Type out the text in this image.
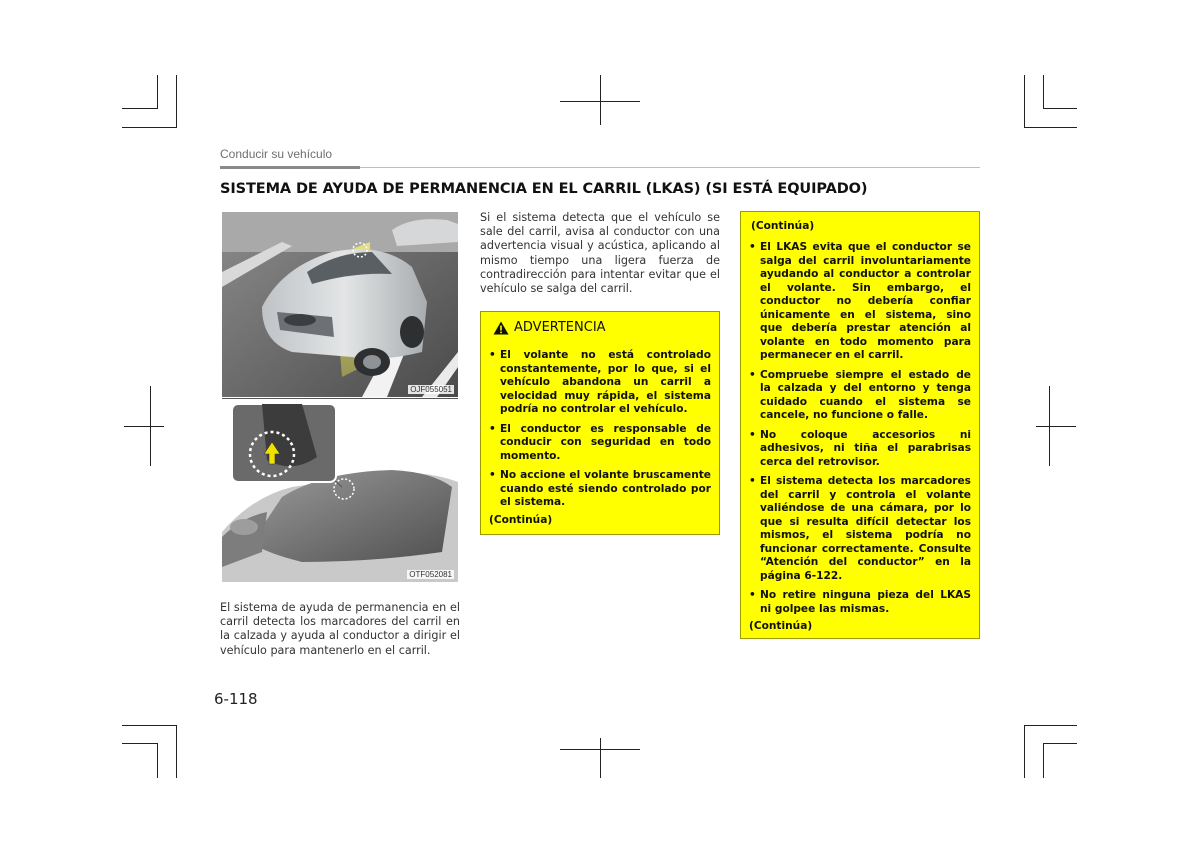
Conducir su vehículo
SISTEMA DE AYUDA DE PERMANENCIA EN EL CARRIL (LKAS) (SI ESTÁ EQUIPADO)
OJF055051
OTF052081

El sistema de ayuda de permanencia en el carril detecta los marcadores del carril en la calzada y ayuda al conductor a dirigir el vehículo para mantenerlo en el carril.

Si el sistema detecta que el vehículo se sale del carril, avisa al conductor con una advertencia visual y acústica, aplicando al mismo tiempo una ligera fuerza de contradirección para intentar evitar que el vehículo se salga del carril.

ADVERTENCIA
• El volante no está controlado constantemente, por lo que, si el vehículo abandona un carril a velocidad muy rápida, el sistema podría no controlar el vehículo.
• El conductor es responsable de conducir con seguridad en todo momento.
• No accione el volante bruscamente cuando esté siendo controlado por el sistema.
(Continúa)
(Continúa)
• El LKAS evita que el conductor se salga del carril involuntariamente ayudando al conductor a controlar el volante. Sin embargo, el conductor no debería confiar únicamente en el sistema, sino que debería prestar atención al volante en todo momento para permanecer en el carril.
• Compruebe siempre el estado de la calzada y del entorno y tenga cuidado cuando el sistema se cancele, no funcione o falle.
• No coloque accesorios ni adhesivos, ni tiña el parabrisas cerca del retrovisor.
• El sistema detecta los marcadores del carril y controla el volante valiéndose de una cámara, por lo que si resulta difícil detectar los mismos, el sistema podría no funcionar correctamente. Consulte “Atención del conductor” en la página 6-122.
• No retire ninguna pieza del LKAS ni golpee las mismas.
(Continúa)
6-118
